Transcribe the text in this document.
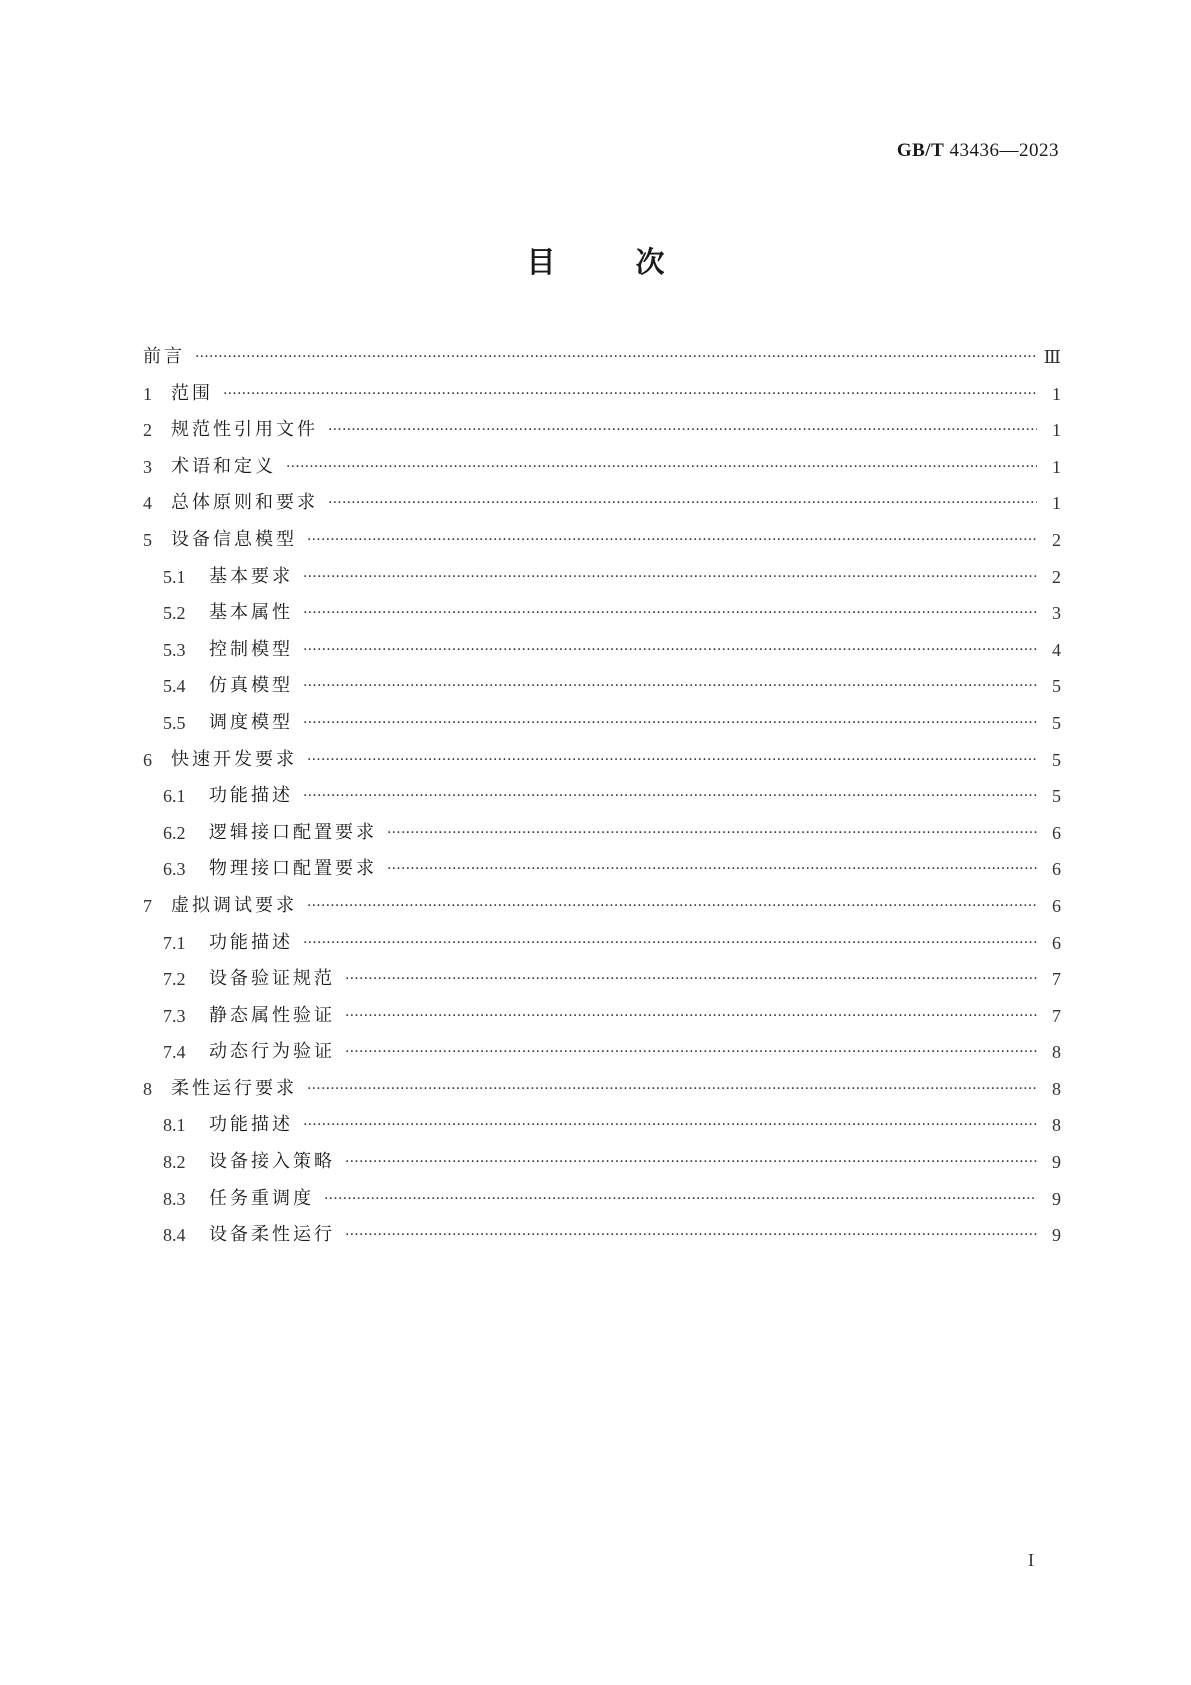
GB/T 43436—2023
目	次
前言 ·····	Ⅲ
1	范围 ·····	1
2	规范性引用文件 ·····	1
3	术语和定义 ·····	1
4	总体原则和要求 ·····	1
5	设备信息模型 ·····	2
5.1	基本要求 ·····	2
5.2	基本属性 ·····	3
5.3	控制模型 ·····	4
5.4	仿真模型 ·····	5
5.5	调度模型 ·····	5
6	快速开发要求 ·····	5
6.1	功能描述 ·····	5
6.2	逻辑接口配置要求 ·····	6
6.3	物理接口配置要求 ·····	6
7	虚拟调试要求 ·····	6
7.1	功能描述 ·····	6
7.2	设备验证规范 ·····	7
7.3	静态属性验证 ·····	7
7.4	动态行为验证 ·····	8
8	柔性运行要求 ·····	8
8.1	功能描述 ·····	8
8.2	设备接入策略 ·····	9
8.3	任务重调度 ·····	9
8.4	设备柔性运行 ·····	9
I
